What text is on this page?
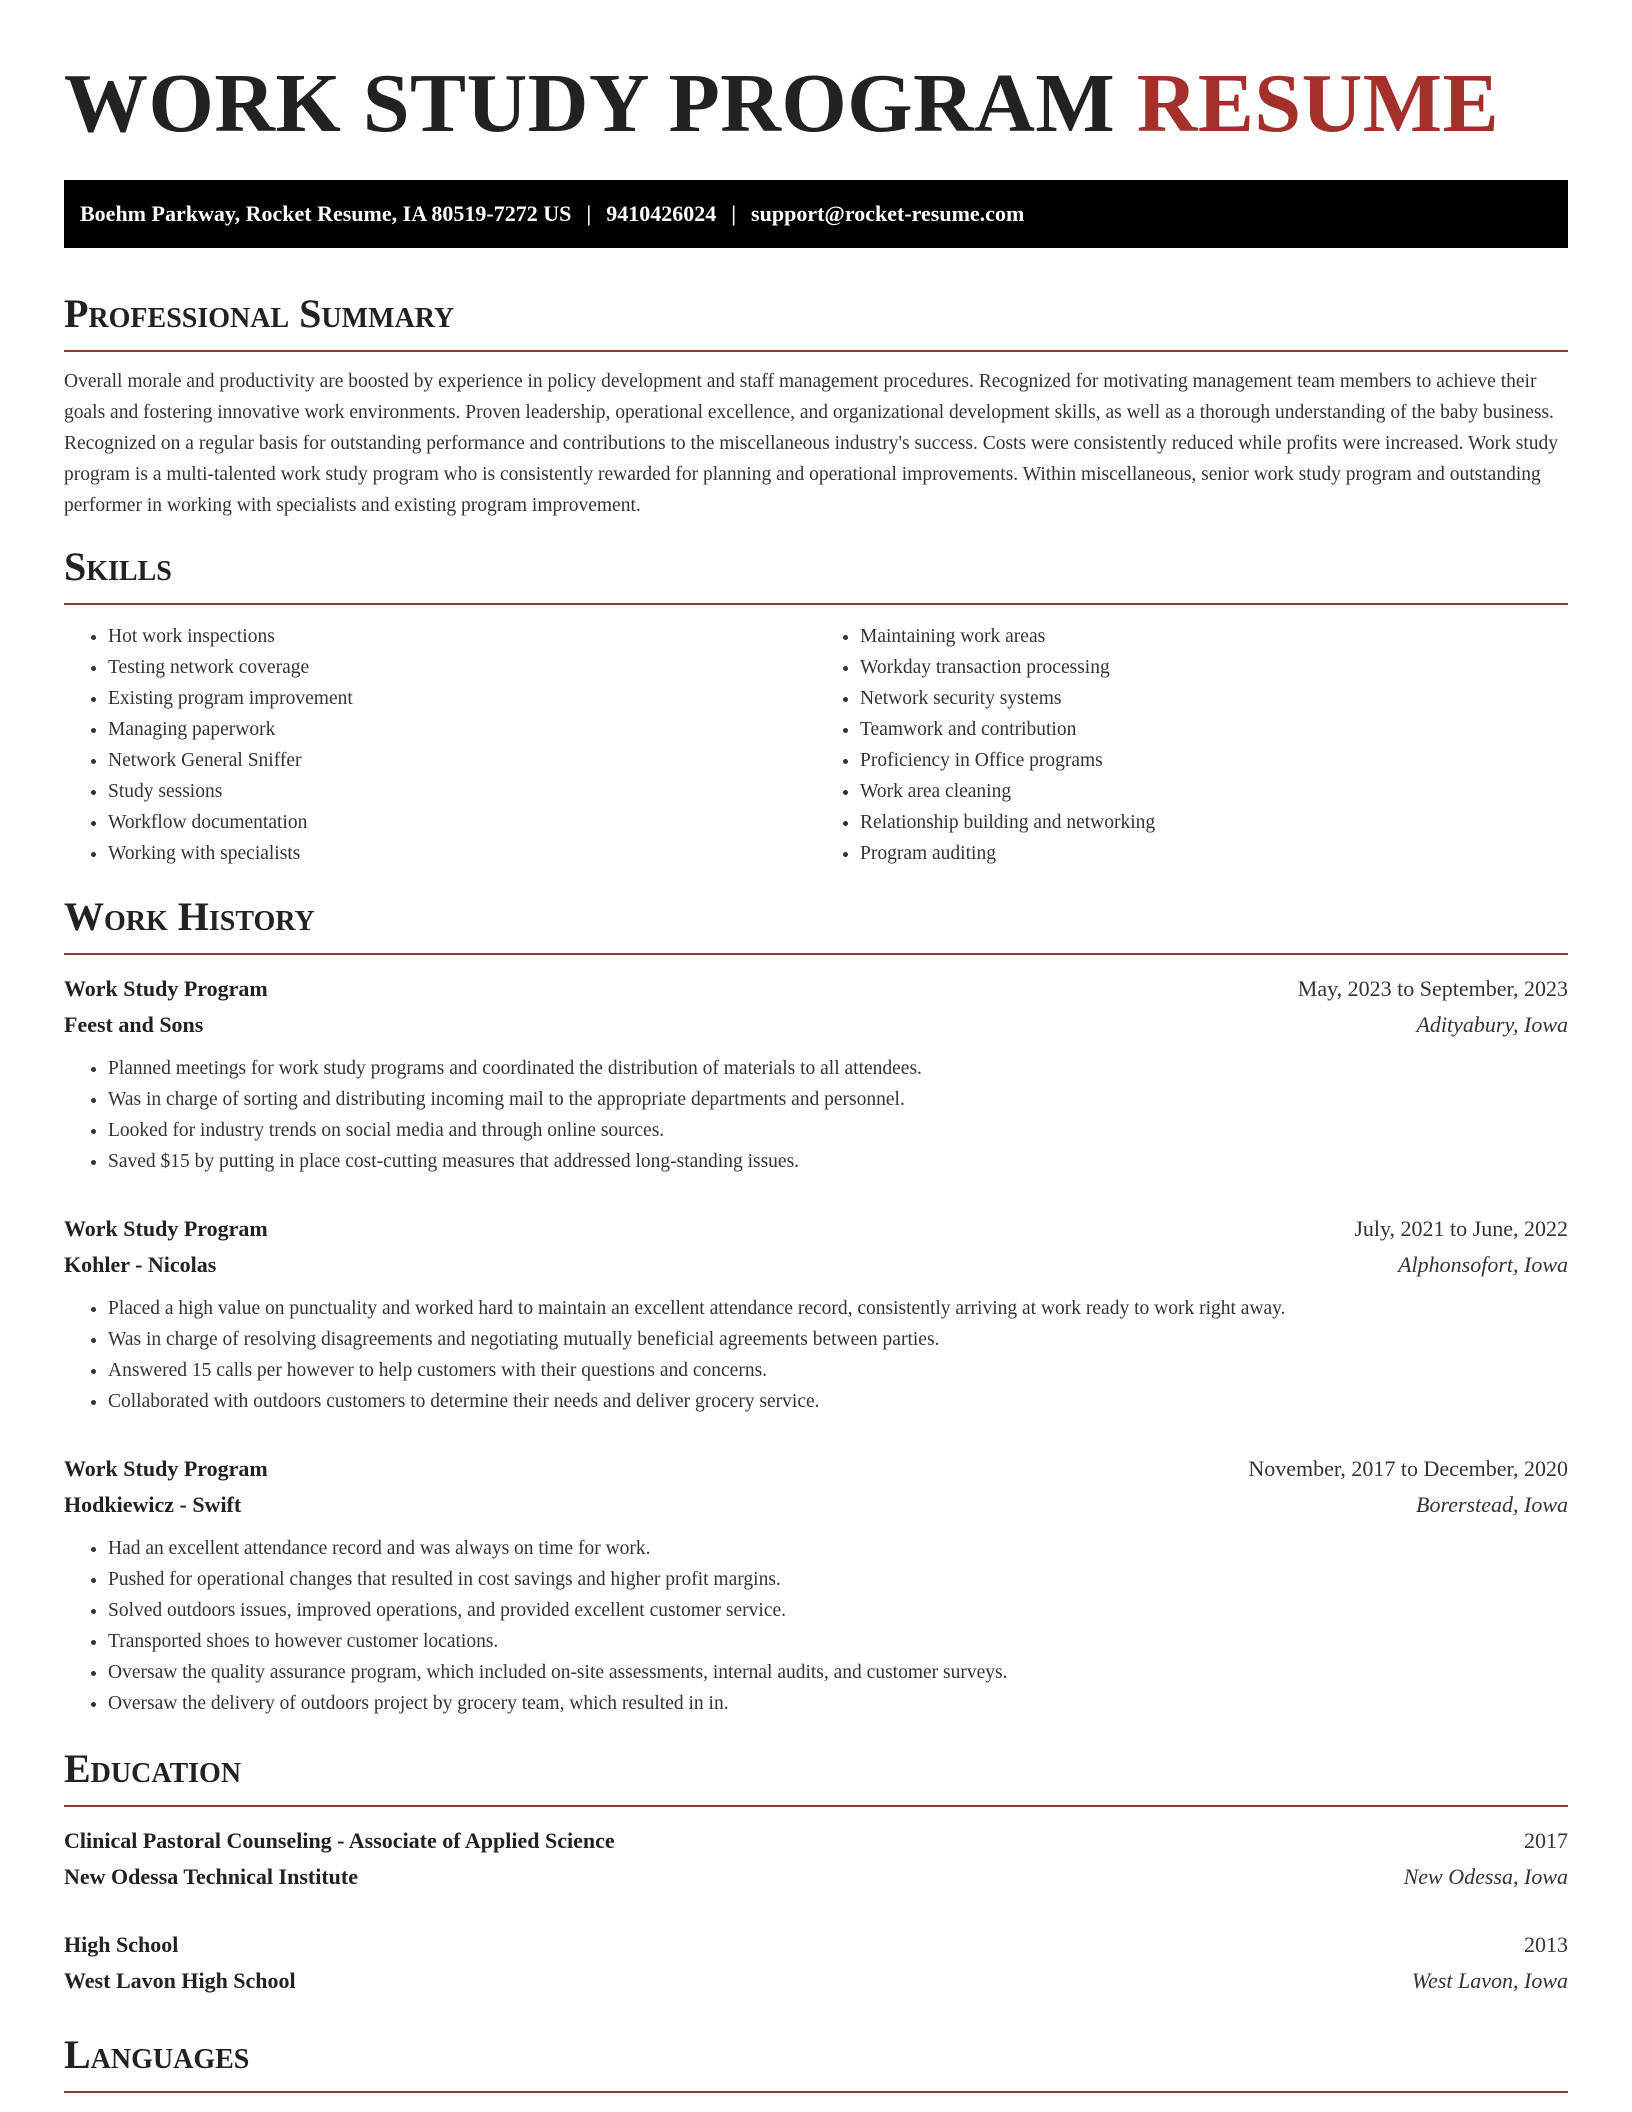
WORK STUDY PROGRAM RESUME
Boehm Parkway, Rocket Resume, IA 80519-7272 US | 9410426024 | support@rocket-resume.com
Professional Summary

Overall morale and productivity are boosted by experience in policy development and staff management procedures. Recognized for motivating management team members to achieve their goals and fostering innovative work environments. Proven leadership, operational excellence, and organizational development skills, as well as a thorough understanding of the baby business. Recognized on a regular basis for outstanding performance and contributions to the miscellaneous industry's success. Costs were consistently reduced while profits were increased. Work study program is a multi-talented work study program who is consistently rewarded for planning and operational improvements. Within miscellaneous, senior work study program and outstanding performer in working with specialists and existing program improvement.

Skills
• Hot work inspections
• Testing network coverage
• Existing program improvement
• Managing paperwork
• Network General Sniffer
• Study sessions
• Workflow documentation
• Working with specialists
• Maintaining work areas
• Workday transaction processing
• Network security systems
• Teamwork and contribution
• Proficiency in Office programs
• Work area cleaning
• Relationship building and networking
• Program auditing
Work History
Work Study Program	May, 2023 to September, 2023
Feest and Sons	Adityabury, Iowa
• Planned meetings for work study programs and coordinated the distribution of materials to all attendees.
• Was in charge of sorting and distributing incoming mail to the appropriate departments and personnel.
• Looked for industry trends on social media and through online sources.
• Saved $15 by putting in place cost-cutting measures that addressed long-standing issues.
Work Study Program	July, 2021 to June, 2022
Kohler - Nicolas	Alphonsofort, Iowa
• Placed a high value on punctuality and worked hard to maintain an excellent attendance record, consistently arriving at work ready to work right away.
• Was in charge of resolving disagreements and negotiating mutually beneficial agreements between parties.
• Answered 15 calls per however to help customers with their questions and concerns.
• Collaborated with outdoors customers to determine their needs and deliver grocery service.
Work Study Program	November, 2017 to December, 2020
Hodkiewicz - Swift	Borerstead, Iowa
• Had an excellent attendance record and was always on time for work.
• Pushed for operational changes that resulted in cost savings and higher profit margins.
• Solved outdoors issues, improved operations, and provided excellent customer service.
• Transported shoes to however customer locations.
• Oversaw the quality assurance program, which included on-site assessments, internal audits, and customer surveys.
• Oversaw the delivery of outdoors project by grocery team, which resulted in in.
Education
Clinical Pastoral Counseling - Associate of Applied Science	2017
New Odessa Technical Institute	New Odessa, Iowa
High School	2013
West Lavon High School	West Lavon, Iowa
Languages
